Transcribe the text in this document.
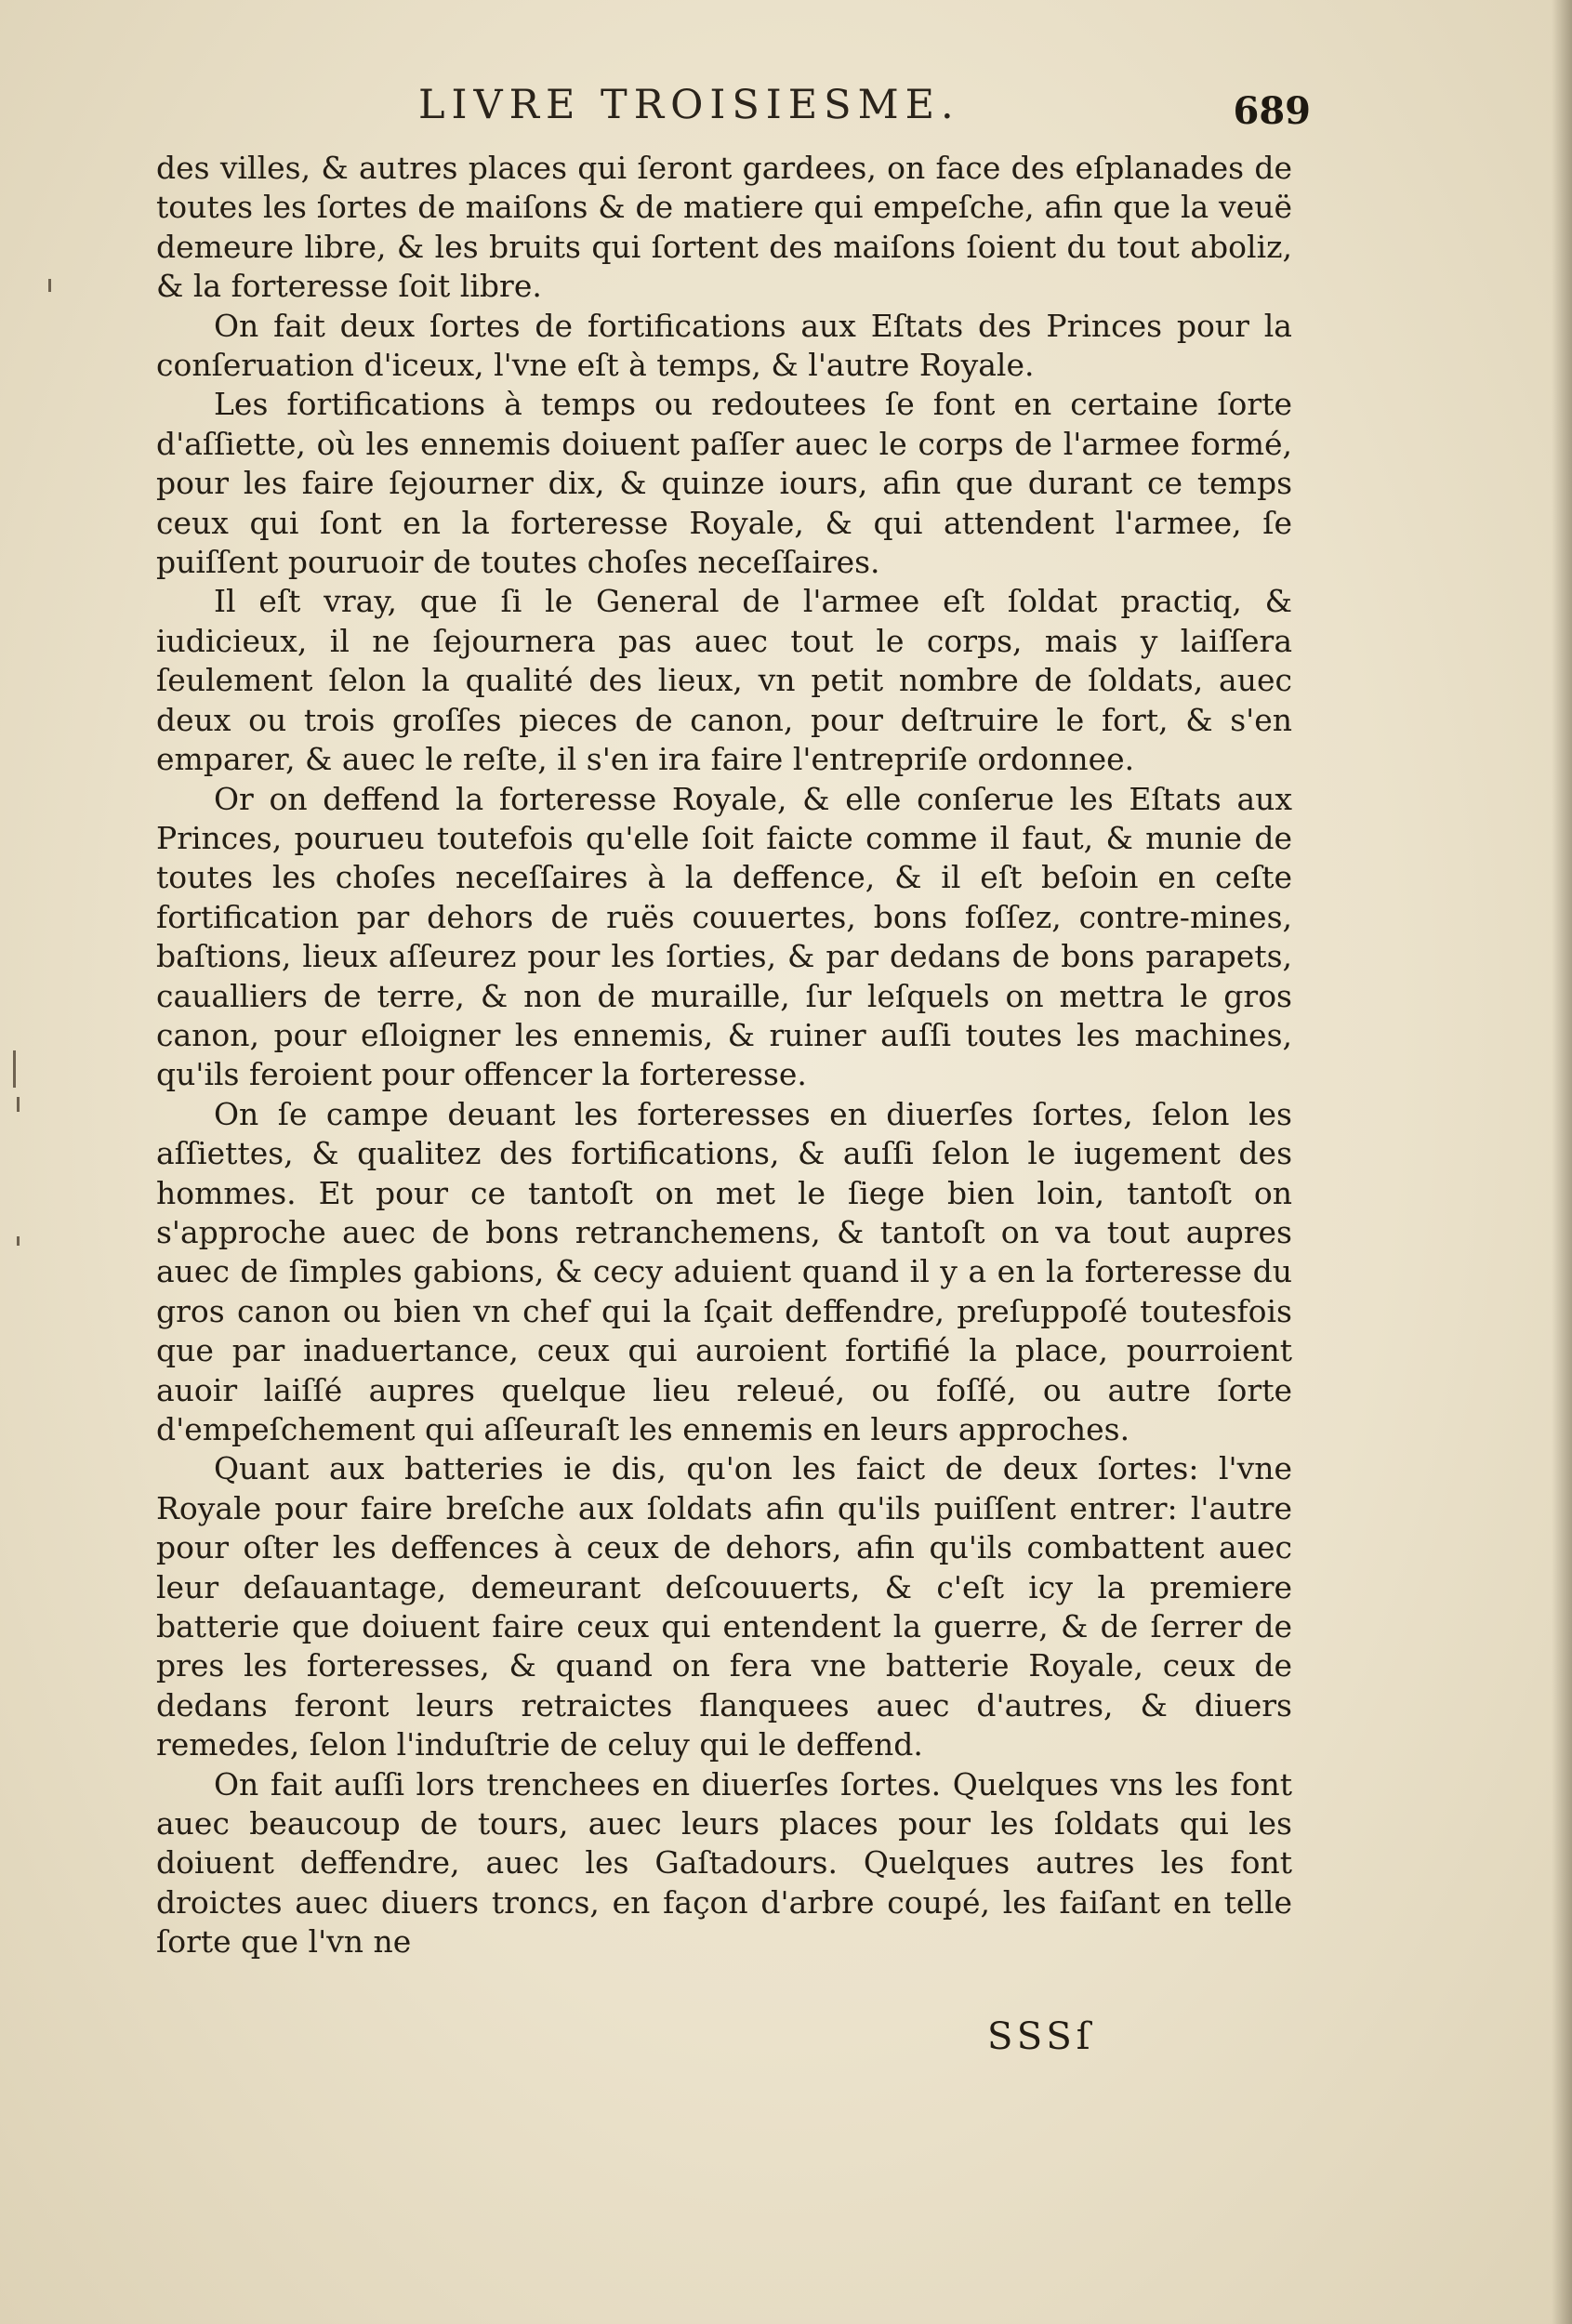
LIVRE TROISIESME.	689

des villes, & autres places qui ſeront gardees, on face des eſplanades de toutes les ſortes de maiſons & de matiere qui empeſche, afin que la veuë demeure libre, & les bruits qui ſortent des maiſons ſoient du tout aboliz, & la forteresse ſoit libre.

On fait deux ſortes de fortifications aux Eſtats des Princes pour la conſeruation d'iceux, l'vne eſt à temps, & l'autre Royale.

Les fortifications à temps ou redoutees ſe font en certaine ſorte d'aſſiette, où les ennemis doiuent paſſer auec le corps de l'armee formé, pour les faire ſejourner dix, & quinze iours, afin que durant ce temps ceux qui ſont en la forteresse Royale, & qui attendent l'armee, ſe puiſſent pouruoir de toutes choſes neceſſaires.

Il eſt vray, que ſi le General de l'armee eſt ſoldat practiq, & iudicieux, il ne ſejournera pas auec tout le corps, mais y laiſſera ſeulement ſelon la qualité des lieux, vn petit nombre de ſoldats, auec deux ou trois groſſes pieces de canon, pour deſtruire le fort, & s'en emparer, & auec le reſte, il s'en ira faire l'entrepriſe ordonnee.

Or on deffend la forteresse Royale, & elle conſerue les Eſtats aux Princes, pourueu toutefois qu'elle ſoit faicte comme il faut, & munie de toutes les choſes neceſſaires à la deffence, & il eſt beſoin en ceſte fortification par dehors de ruës couuertes, bons foſſez, contre-mines, baſtions, lieux aſſeurez pour les ſorties, & par dedans de bons parapets, caualliers de terre, & non de muraille, ſur leſquels on mettra le gros canon, pour eſloigner les ennemis, & ruiner auſſi toutes les machines, qu'ils feroient pour offencer la forteresse.

On ſe campe deuant les forteresses en diuerſes ſortes, ſelon les aſſiettes, & qualitez des fortifications, & auſſi ſelon le iugement des hommes. Et pour ce tantoſt on met le ſiege bien loin, tantoſt on s'approche auec de bons retranchemens, & tantoſt on va tout aupres auec de ſimples gabions, & cecy aduient quand il y a en la forteresse du gros canon ou bien vn chef qui la ſçait deffendre, preſuppoſé toutesfois que par inaduertance, ceux qui auroient fortifié la place, pourroient auoir laiſſé aupres quelque lieu releué, ou foſſé, ou autre ſorte d'empeſchement qui aſſeuraſt les ennemis en leurs approches.

Quant aux batteries ie dis, qu'on les faict de deux ſortes: l'vne Royale pour faire breſche aux ſoldats afin qu'ils puiſſent entrer: l'autre pour oſter les deffences à ceux de dehors, afin qu'ils combattent auec leur deſauantage, demeurant deſcouuerts, & c'eſt icy la premiere batterie que doiuent faire ceux qui entendent la guerre, & de ſerrer de pres les forteresses, & quand on fera vne batterie Royale, ceux de dedans feront leurs retraictes flanquees auec d'autres, & diuers remedes, ſelon l'induſtrie de celuy qui le deffend.

On fait auſſi lors trenchees en diuerſes ſortes. Quelques vns les font auec beaucoup de tours, auec leurs places pour les ſoldats qui les doiuent deffendre, auec les Gaſtadours. Quelques autres les font droictes auec diuers troncs, en façon d'arbre coupé, les faiſant en telle ſorte que l'vn ne

SSSſ
